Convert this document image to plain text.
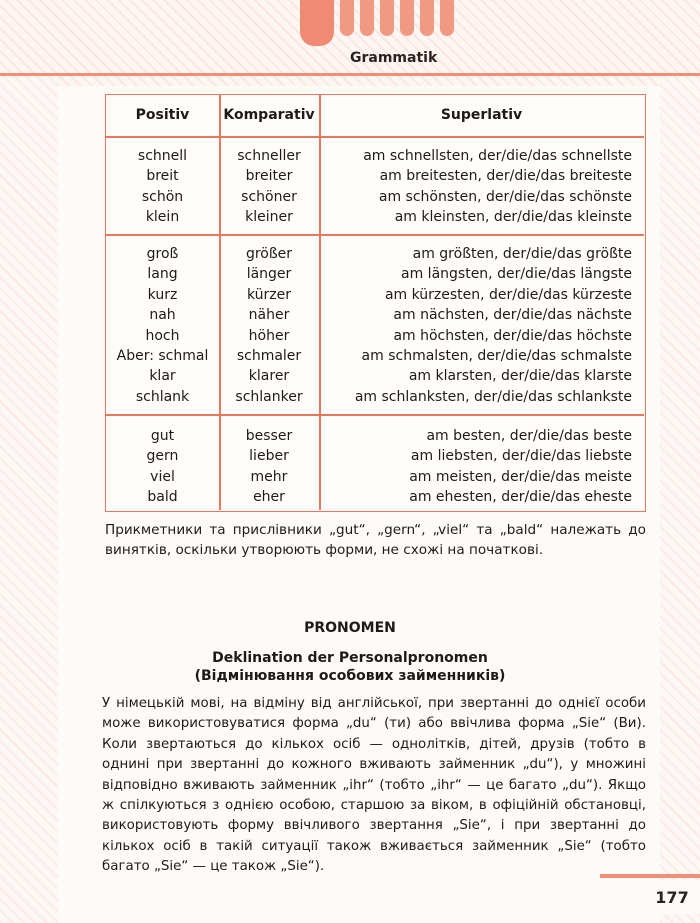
Grammatik
Positiv	Komparativ	Superlativ
schnell
breit
schön
klein
schneller
breiter
schöner
kleiner
am schnellsten, der/die/das schnellste
am breitesten, der/die/das breiteste
am schönsten, der/die/das schönste
am kleinsten, der/die/das kleinste
groß
lang
kurz
nah
hoch
Aber: schmal
klar
schlank
größer
länger
kürzer
näher
höher
schmaler
klarer
schlanker
am größten, der/die/das größte
am längsten, der/die/das längste
am kürzesten, der/die/das kürzeste
am nächsten, der/die/das nächste
am höchsten, der/die/das höchste
am schmalsten, der/die/das schmalste
am klarsten, der/die/das klarste
am schlanksten, der/die/das schlankste
gut
gern
viel
bald
besser
lieber
mehr
eher
am besten, der/die/das beste
am liebsten, der/die/das liebste
am meisten, der/die/das meiste
am ehesten, der/die/das eheste
Прикметники та прислівники „gut“, „gern“, „viel“ та „bald“ належать до винятків, оскільки утворюють форми, не схожі на початкові.
PRONOMEN
Deklination der Personalpronomen
(Відмінювання особових займенників)
У німецькій мові, на відміну від англійської, при звертанні до однієї особи може використовуватися форма „du“ (ти) або ввічлива форма „Sie“ (Ви). Коли звертаються до кількох осіб — однолітків, дітей, друзів (тобто в однині при звертанні до кожного вживають займенник „du“), у множині відповідно вживають займенник „ihr“ (тобто „ihr“ — це багато „du“). Якщо ж спілкуються з однією особою, старшою за віком, в офіційній обстановці, використовують форму ввічливого звертання „Sie“, і при звертанні до кількох осіб в такій ситуації також вживається займенник „Sie“ (тобто багато „Sie“ — це також „Sie“).
177
